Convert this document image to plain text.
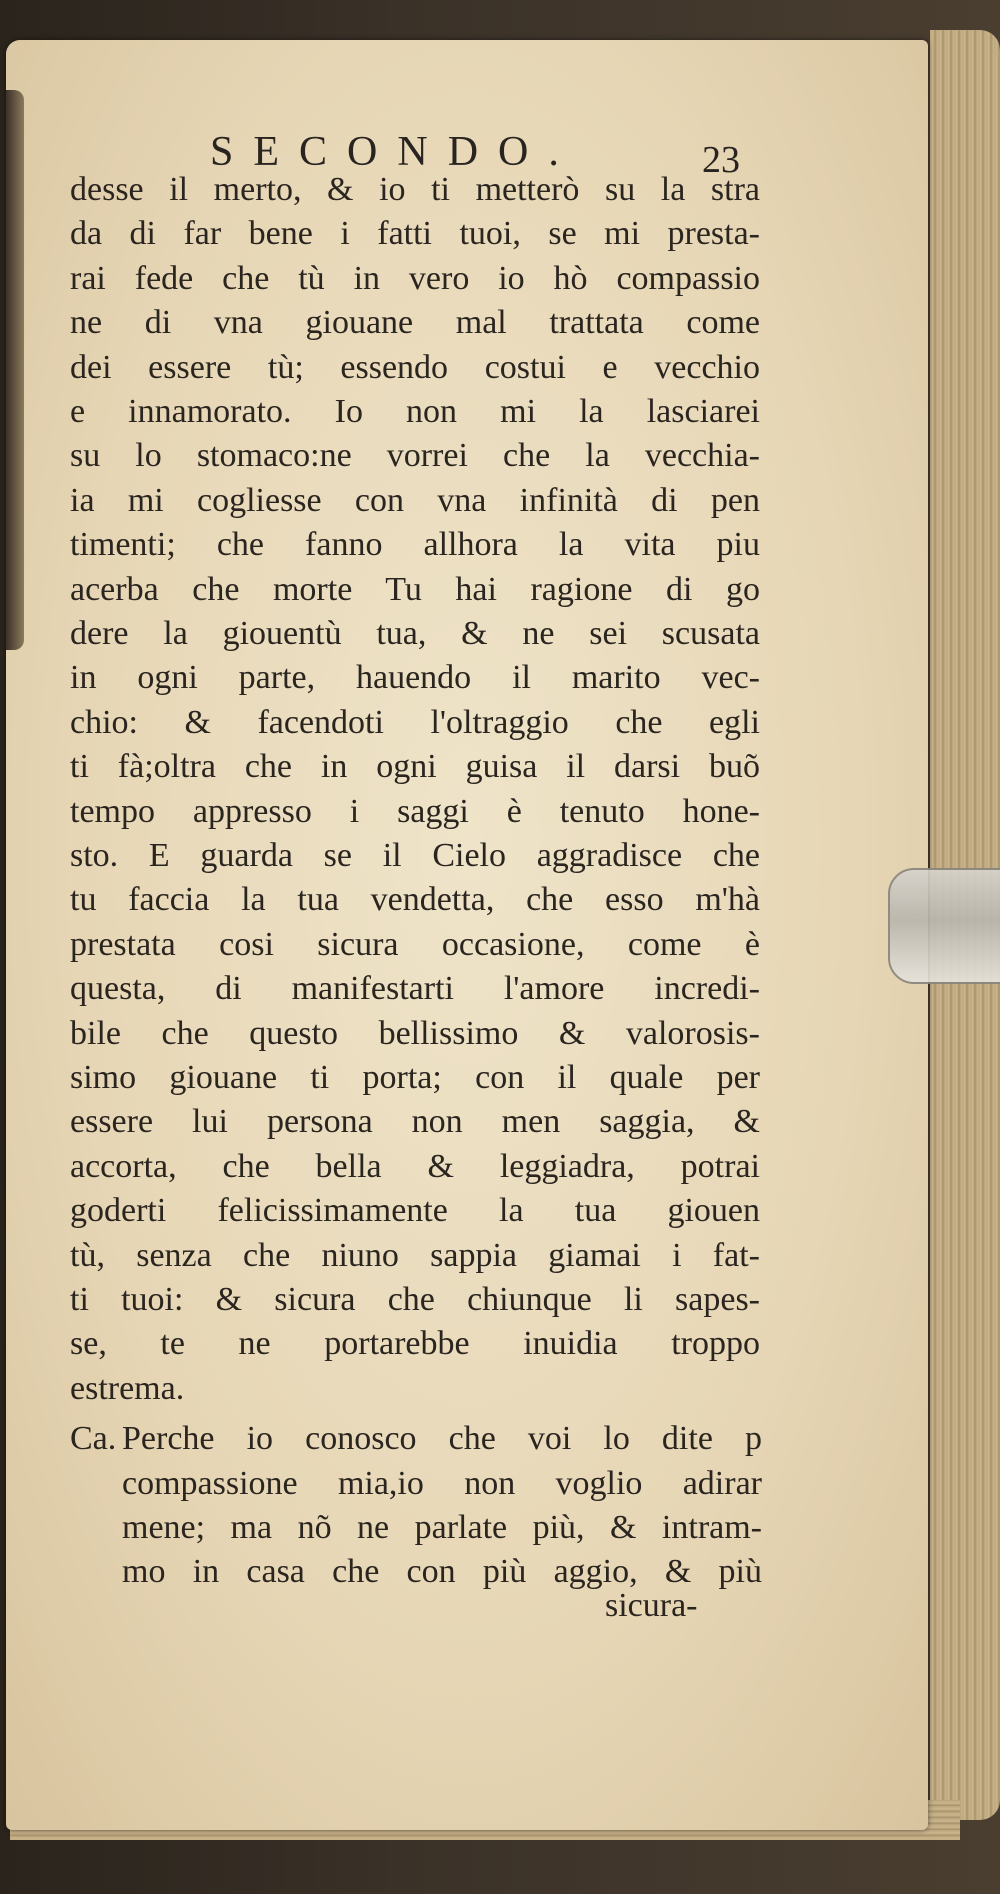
SECONDO.	23
desse il merto, & io ti metterò su la stra
da di far bene i fatti tuoi, se mi presta-
rai fede che tù in vero io hò compassio
ne di vna giouane mal trattata come
dei essere tù; essendo costui e vecchio
e innamorato. Io non mi la lasciarei
su lo stomaco:ne vorrei che la vecchia-
ia mi cogliesse con vna infinità di pen
timenti; che fanno allhora la vita piu
acerba che morte Tu hai ragione di go
dere la giouentù tua, & ne sei scusata
in ogni parte, hauendo il marito vec-
chio: & facendoti l'oltraggio che egli
ti fà;oltra che in ogni guisa il darsi buõ
tempo appresso i saggi è tenuto hone-
sto. E guarda se il Cielo aggradisce che
tu faccia la tua vendetta, che esso m'hà
prestata cosi sicura occasione, come è
questa, di manifestarti l'amore incredi-
bile che questo bellissimo & valorosis-
simo giouane ti porta; con il quale per
essere lui persona non men saggia, &
accorta, che bella & leggiadra, potrai
goderti felicissimamente la tua giouen
tù, senza che niuno sappia giamai i fat-
ti tuoi: & sicura che chiunque li sapes-
se, te ne portarebbe inuidia troppo
estrema.
Ca. Perche io conosco che voi lo dite p
compassione mia,io non voglio adirar
mene; ma nõ ne parlate più, & intram-
mo in casa che con più aggio, & più
sicura-
